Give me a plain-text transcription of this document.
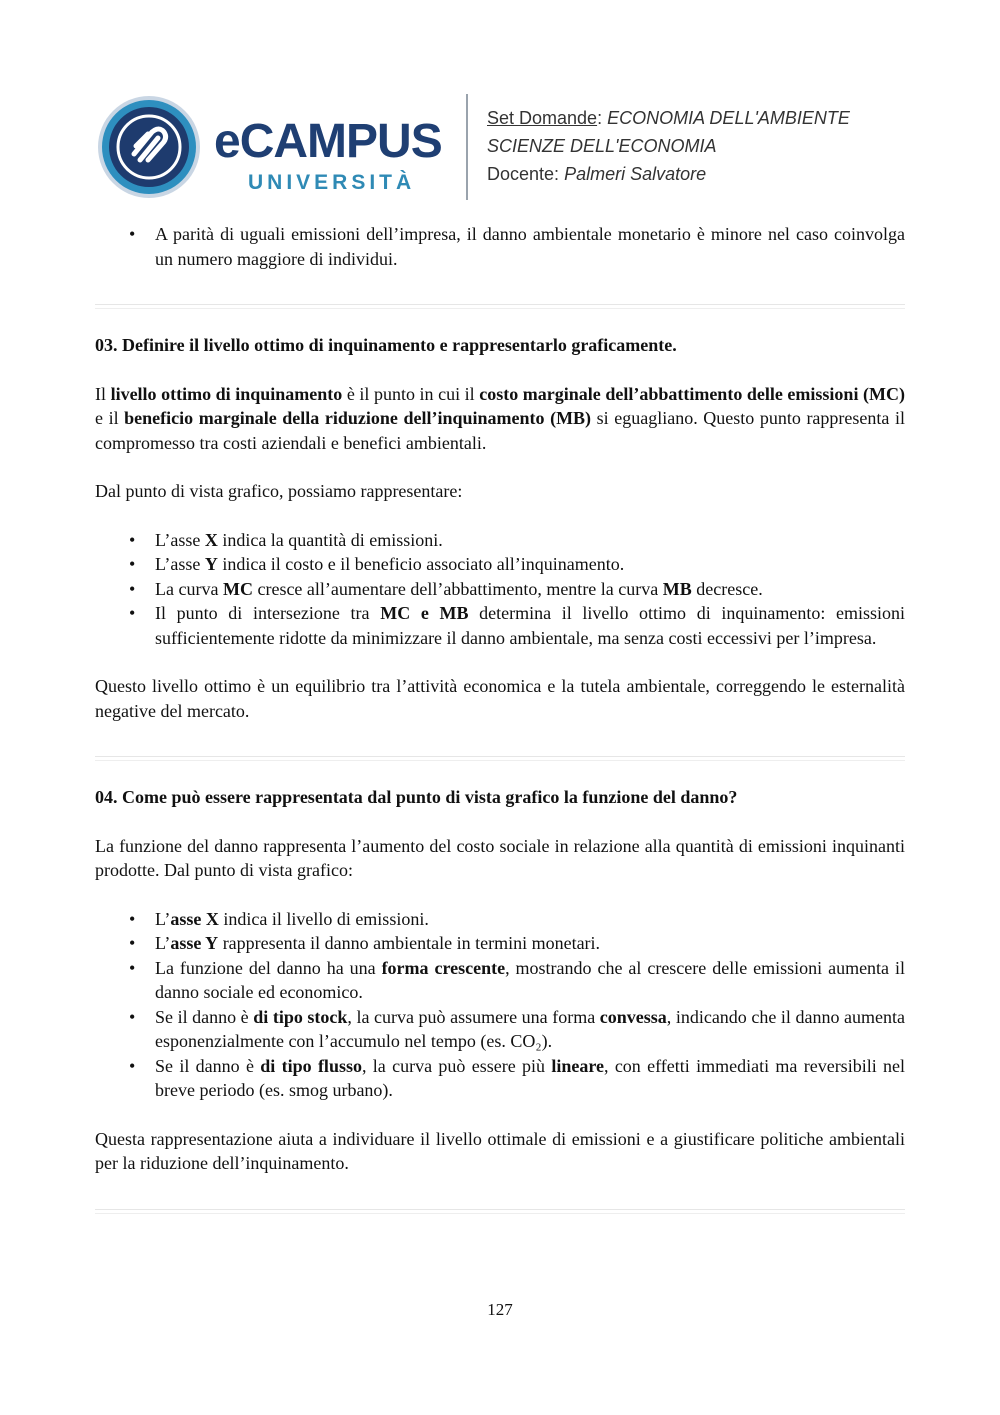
eCAMPUS
UNIVERSITÀ
Set Domande: ECONOMIA DELL'AMBIENTE
SCIENZE DELL'ECONOMIA
Docente: Palmeri Salvatore
• A parità di uguali emissioni dell’impresa, il danno ambientale monetario è minore nel caso coinvolga un numero maggiore di individui.

03. Definire il livello ottimo di inquinamento e rappresentarlo graficamente.

Il livello ottimo di inquinamento è il punto in cui il costo marginale dell’abbattimento delle emissioni (MC) e il beneficio marginale della riduzione dell’inquinamento (MB) si eguagliano. Questo punto rappresenta il compromesso tra costi aziendali e benefici ambientali.

Dal punto di vista grafico, possiamo rappresentare:

• L’asse X indica la quantità di emissioni.
• L’asse Y indica il costo e il beneficio associato all’inquinamento.
• La curva MC cresce all’aumentare dell’abbattimento, mentre la curva MB decresce.
• Il punto di intersezione tra MC e MB determina il livello ottimo di inquinamento: emissioni sufficientemente ridotte da minimizzare il danno ambientale, ma senza costi eccessivi per l’impresa.

Questo livello ottimo è un equilibrio tra l’attività economica e la tutela ambientale, correggendo le esternalità negative del mercato.

04. Come può essere rappresentata dal punto di vista grafico la funzione del danno?

La funzione del danno rappresenta l’aumento del costo sociale in relazione alla quantità di emissioni inquinanti prodotte. Dal punto di vista grafico:

• L’asse X indica il livello di emissioni.
• L’asse Y rappresenta il danno ambientale in termini monetari.
• La funzione del danno ha una forma crescente, mostrando che al crescere delle emissioni aumenta il danno sociale ed economico.
• Se il danno è di tipo stock, la curva può assumere una forma convessa, indicando che il danno aumenta esponenzialmente con l’accumulo nel tempo (es. CO₂).
• Se il danno è di tipo flusso, la curva può essere più lineare, con effetti immediati ma reversibili nel breve periodo (es. smog urbano).

Questa rappresentazione aiuta a individuare il livello ottimale di emissioni e a giustificare politiche ambientali per la riduzione dell’inquinamento.

127
